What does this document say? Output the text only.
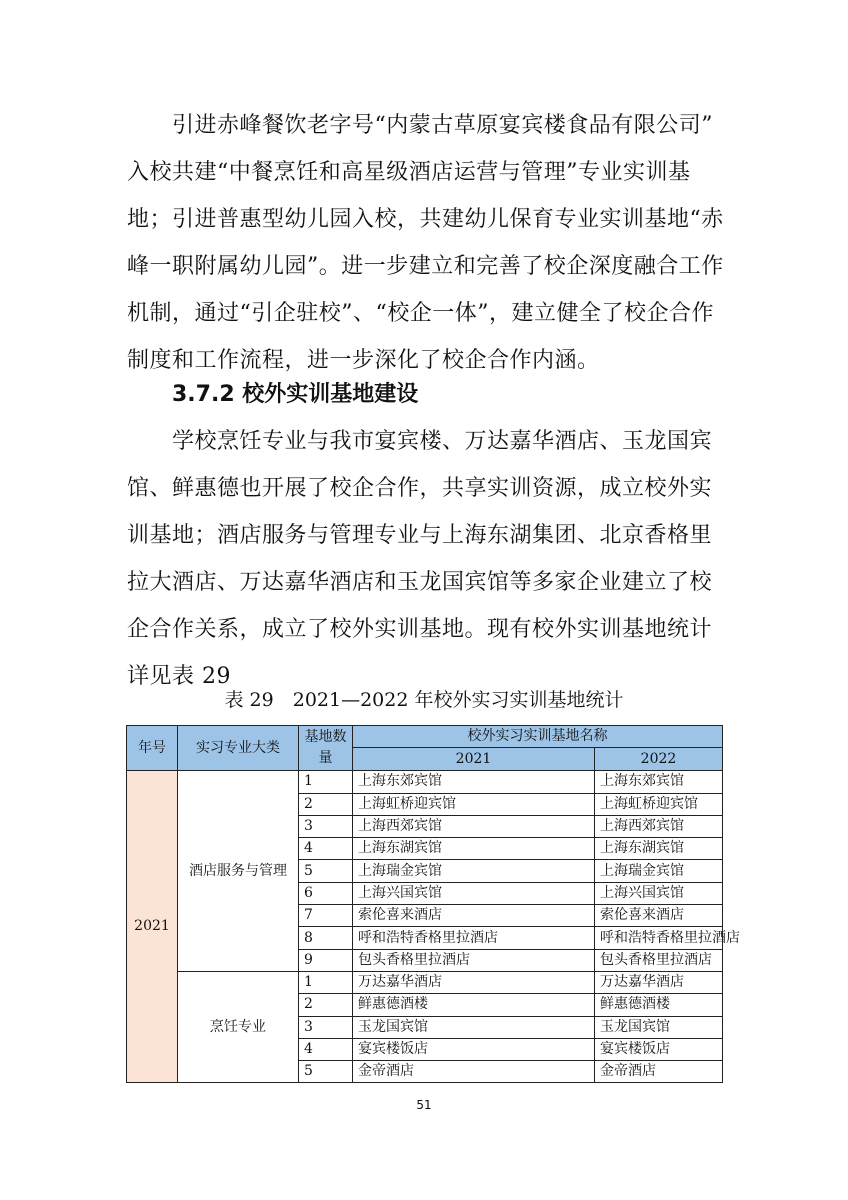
　　引进赤峰餐饮老字号“内蒙古草原宴宾楼食品有限公司”
入校共建“中餐烹饪和高星级酒店运营与管理”专业实训基
地；引进普惠型幼儿园入校，共建幼儿保育专业实训基地“赤
峰一职附属幼儿园”。进一步建立和完善了校企深度融合工作
机制，通过“引企驻校”、“校企一体”，建立健全了校企合作
制度和工作流程，进一步深化了校企合作内涵。
3.7.2 校外实训基地建设
　　学校烹饪专业与我市宴宾楼、万达嘉华酒店、玉龙国宾
馆、鲜惠德也开展了校企合作，共享实训资源，成立校外实
训基地；酒店服务与管理专业与上海东湖集团、北京香格里
拉大酒店、万达嘉华酒店和玉龙国宾馆等多家企业建立了校
企合作关系，成立了校外实训基地。现有校外实训基地统计
详见表 29

表 29　2021—2022 年校外实习实训基地统计

年号	实习专业大类	基地数量	校外实习实训基地名称	
			2021	2022
2021	酒店服务与管理	1	上海东郊宾馆	上海东郊宾馆
		2	上海虹桥迎宾馆	上海虹桥迎宾馆
		3	上海西郊宾馆	上海西郊宾馆
		4	上海东湖宾馆	上海东湖宾馆
		5	上海瑞金宾馆	上海瑞金宾馆
		6	上海兴国宾馆	上海兴国宾馆
		7	索伦喜来酒店	索伦喜来酒店
		8	呼和浩特香格里拉酒店	呼和浩特香格里拉酒店
		9	包头香格里拉酒店	包头香格里拉酒店
	烹饪专业	1	万达嘉华酒店	万达嘉华酒店
		2	鲜惠德酒楼	鲜惠德酒楼
		3	玉龙国宾馆	玉龙国宾馆
		4	宴宾楼饭店	宴宾楼饭店
		5	金帝酒店	金帝酒店

51
